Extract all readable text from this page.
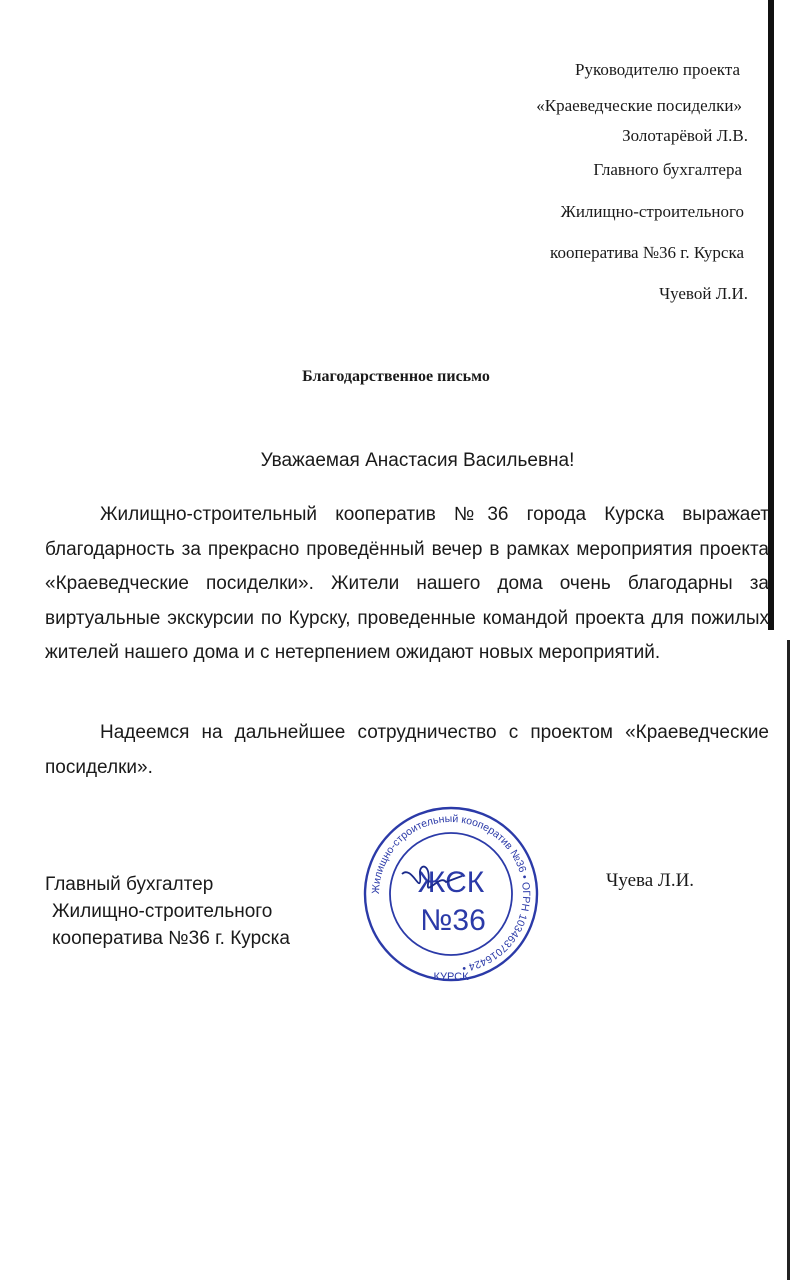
Руководителю проекта
«Краеведческие посиделки»
Золотарёвой Л.В.
Главного бухгалтера
Жилищно-строительного
кооператива №36 г. Курска
Чуевой Л.И.
Благодарственное письмо
Уважаемая Анастасия Васильевна!

Жилищно-строительный кооператив №36 города Курска выражает благодарность за прекрасно проведённый вечер в рамках мероприятия проекта «Краеведческие посиделки». Жители нашего дома очень благодарны за виртуальные экскурсии по Курску, проведенные командой проекта для пожилых жителей нашего дома и с нетерпением ожидают новых мероприятий.

Надеемся на дальнейшее сотрудничество с проектом «Краеведческие посиделки».

Главный бухгалтер
Жилищно-строительного
кооператива №36 г. Курска
Чуева Л.И.
Жилищно-строительный кооператив №36 • ОГРН 1034637016424 •
КУРСК
ЖСК
№36
